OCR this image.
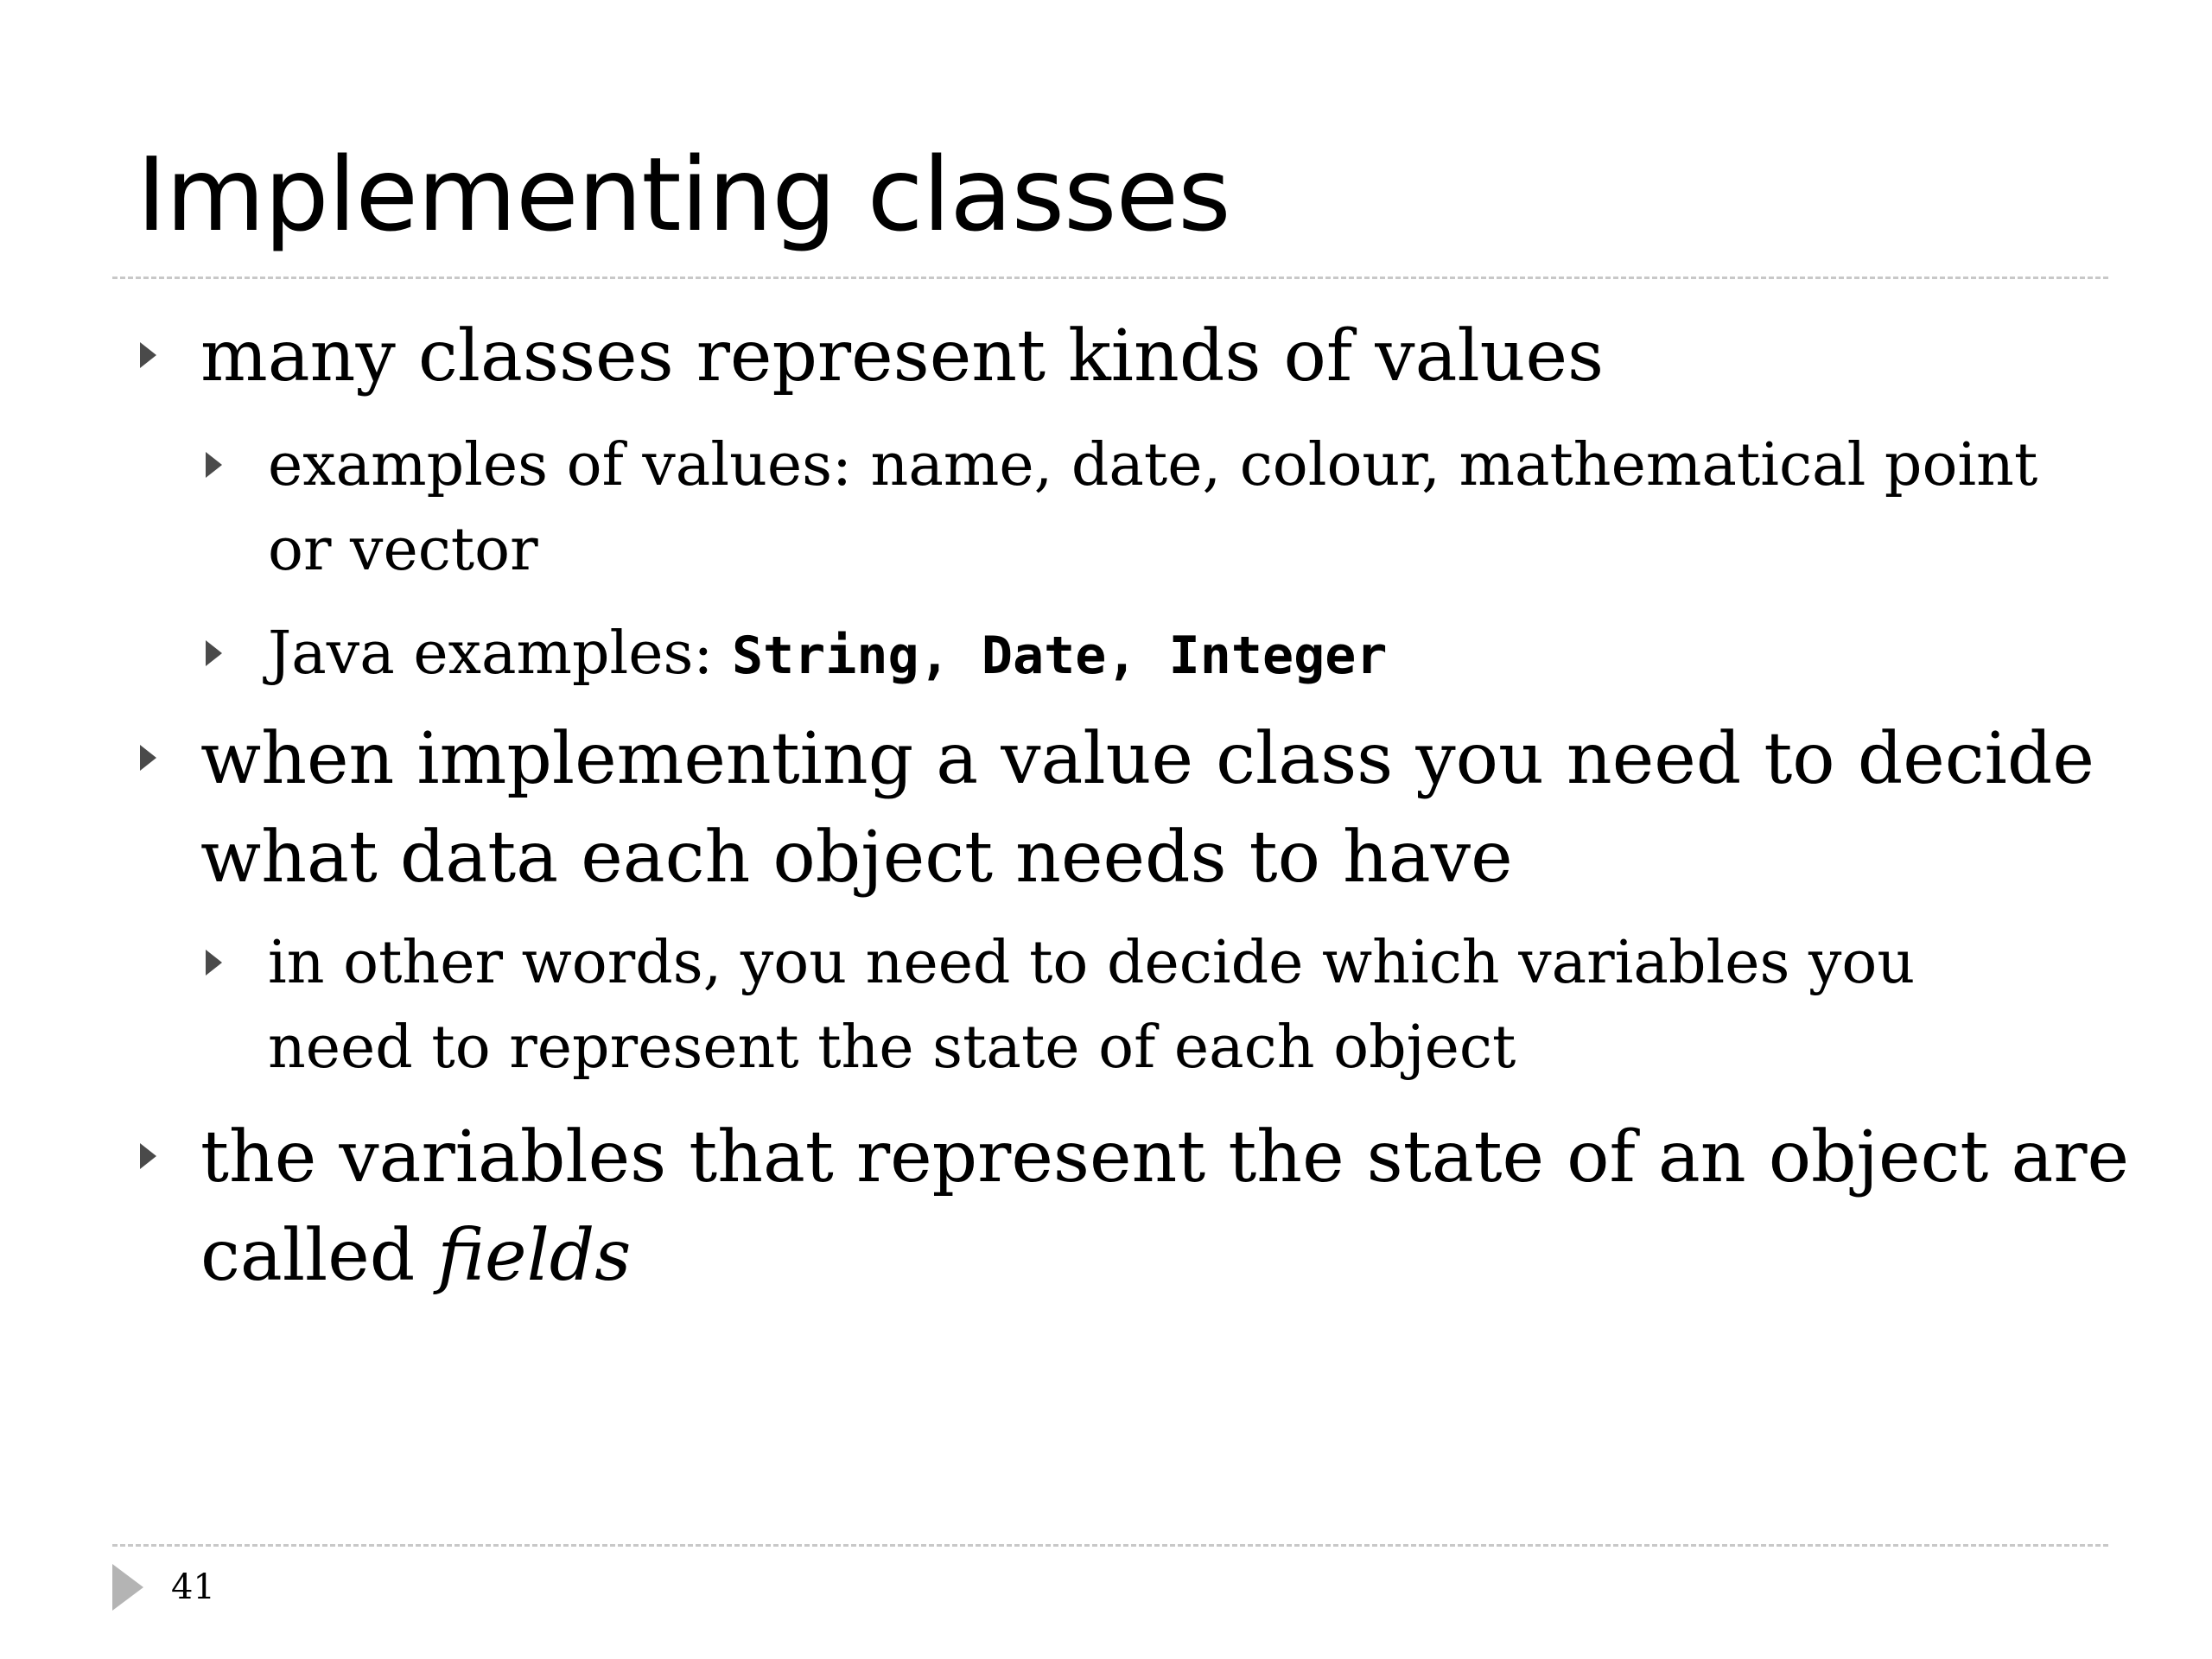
Implementing classes
many classes represent kinds of values
examples of values: name, date, colour, mathematical point
or vector
Java examples: String, Date, Integer
when implementing a value class you need to decide
what data each object needs to have
in other words, you need to decide which variables you
need to represent the state of each object
the variables that represent the state of an object are
called fields
41
